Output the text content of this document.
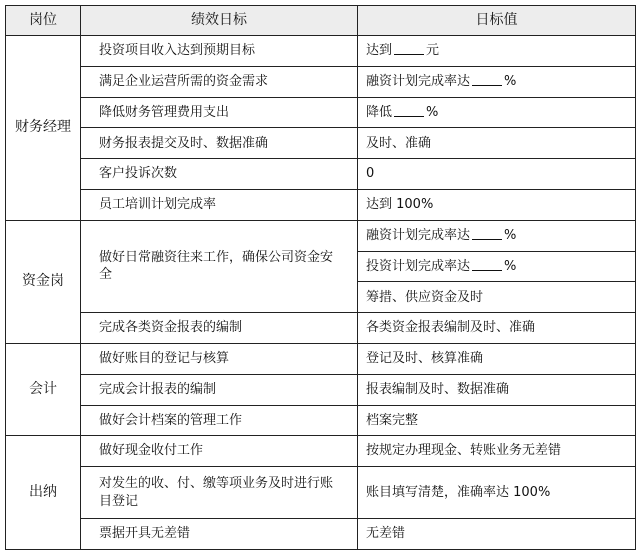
岗位	绩效日标	日标值
财务经理	投资项目收入达到预期目标	达到 元
	满足企业运营所需的资金需求	融资计划完成率达 %
	降低财务管理费用支出	降低 %
	财务报表提交及时、数据准确	及时、准确
	客户投诉次数	0
	员工培训计划完成率	达到 100%
资金岗	做好日常融资往来工作，确保公司资金安全	融资计划完成率达 %
		投资计划完成率达 %
		筹措、供应资金及时
	完成各类资金报表的编制	各类资金报表编制及时、准确
会计	做好账目的登记与核算	登记及时、核算准确
	完成会计报表的编制	报表编制及时、数据准确
	做好会计档案的管理工作	档案完整
出纳	做好现金收付工作	按规定办理现金、转账业务无差错
	对发生的收、付、缴等项业务及时进行账目登记	账目填写清楚，准确率达 100%
	票据开具无差错	无差错
